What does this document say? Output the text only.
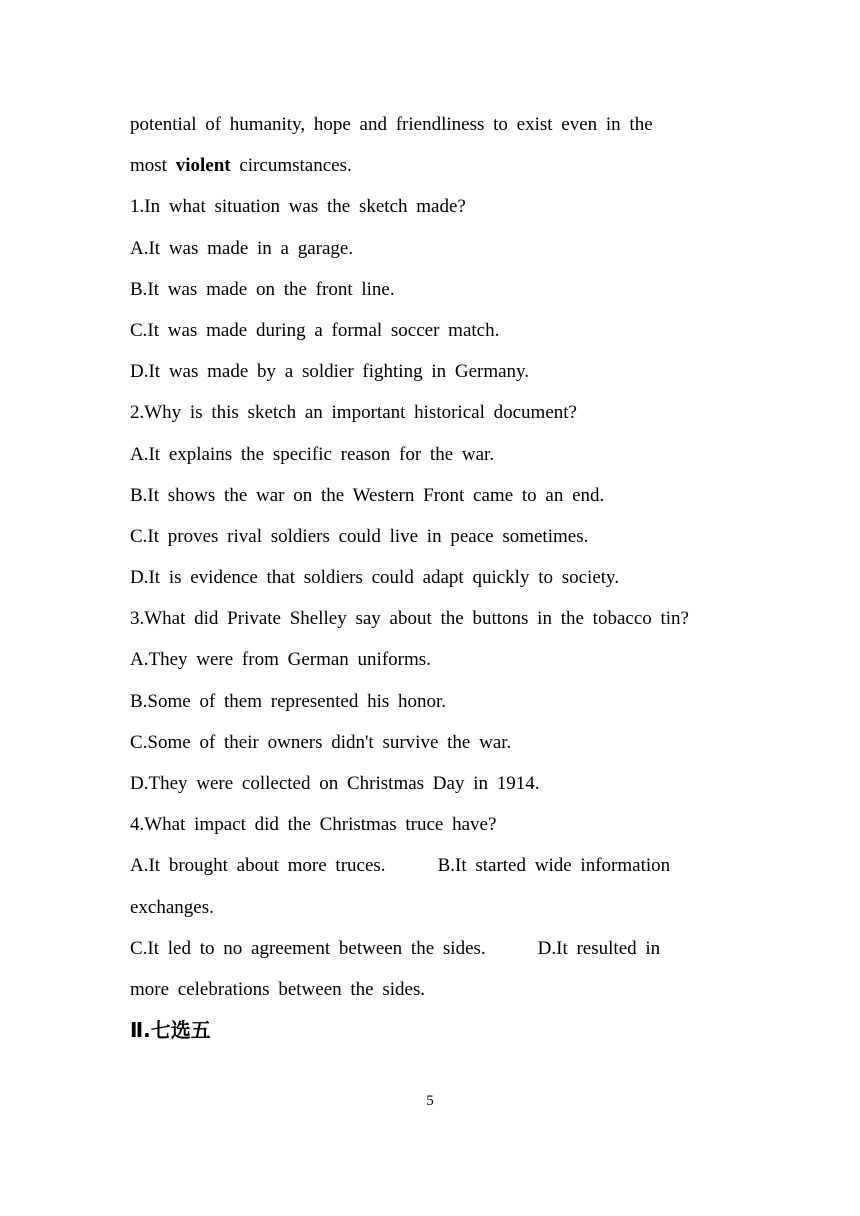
potential of humanity, hope and friendliness to exist even in the
most violent circumstances.
1.In what situation was the sketch made?
A.It was made in a garage.
B.It was made on the front line.
C.It was made during a formal soccer match.
D.It was made by a soldier fighting in Germany.
2.Why is this sketch an important historical document?
A.It explains the specific reason for the war.
B.It shows the war on the Western Front came to an end.
C.It proves rival soldiers could live in peace sometimes.
D.It is evidence that soldiers could adapt quickly to society.
3.What did Private Shelley say about the buttons in the tobacco tin?
A.They were from German uniforms.
B.Some of them represented his honor.
C.Some of their owners didn't survive the war.
D.They were collected on Christmas Day in 1914.
4.What impact did the Christmas truce have?
A.It brought about more truces.	B.It started wide information
exchanges.
C.It led to no agreement between the sides.	D.It resulted in
more celebrations between the sides.
Ⅱ.七选五
5
